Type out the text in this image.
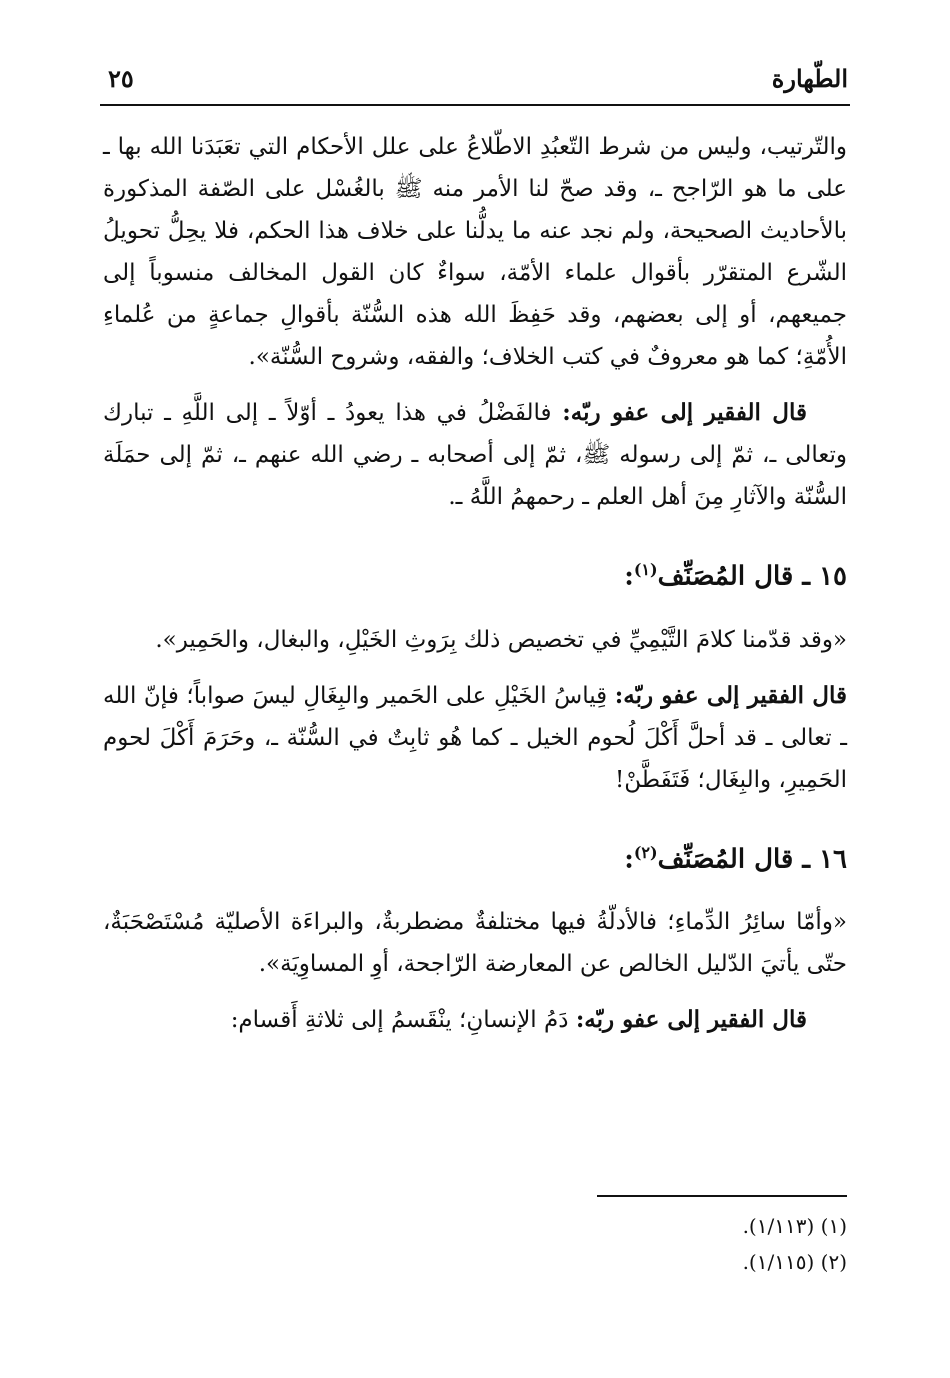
٢٥	الطّهارة

والتّرتيب، وليس من شرط التّعبُدِ الاطّلاعُ على علل الأحكام التي تعَبَدَنا الله بها ـ على ما هو الرّاجح ـ، وقد صحّ لنا الأمر منه ﷺ بالغُسْل على الصّفة المذكورة بالأحاديث الصحيحة، ولم نجد عنه ما يدلُّنا على خلاف هذا الحكم، فلا يحِلُّ تحويلُ الشّرع المتقرّر بأقوال علماء الأمّة، سواءٌ كان القول المخالف منسوباً إلى جميعهم، أو إلى بعضهم، وقد حَفِظَ الله هذه السُّنّة بأقوالِ جماعةٍ من عُلماءِ الأُمّةِ؛ كما هو معروفٌ في كتب الخلاف؛ والفقه، وشروح السُّنّة».

قال الفقير إلى عفو ربّه: فالفَضْلُ في هذا يعودُ ـ أوّلاً ـ إلى اللَّهِ ـ تبارك وتعالى ـ، ثمّ إلى رسوله ﷺ، ثمّ إلى أصحابه ـ رضي الله عنهم ـ، ثمّ إلى حمَلَة السُّنّة والآثارِ مِنَ أهل العلم ـ رحمهمُ اللَّهُ ـ.

١٥ ـ قال المُصَنِّف$^{(١)}$:

«وقد قدّمنا كلامَ التَّيْمِيِّ في تخصيص ذلك بِرَوثِ الخَيْلِ، والبغال، والحَمِير».

قال الفقير إلى عفو ربّه: قِياسُ الخَيْلِ على الحَمير والبِغَالِ ليسَ صواباً؛ فإنّ الله ـ تعالى ـ قد أحلَّ أَكْلَ لُحوم الخيل ـ كما هُو ثابِتٌ في السُّنّة ـ، وحَرَمَ أَكْلَ لحوم الحَمِيرِ، والبِغَال؛ فَتَفَطَّنْ!

١٦ ـ قال المُصَنِّف$^{(٢)}$:

«وأمّا سائِرُ الدِّماءِ؛ فالأدلّةُ فيها مختلفةٌ مضطربةٌ، والبراءَة الأصليّة مُسْتَصْحَبَةٌ، حتّى يأتيَ الدّليل الخالص عن المعارضة الرّاجحة، أوِ المساوِيَة».

قال الفقير إلى عفو ربّه: دَمُ الإنسانِ؛ ينْقَسمُ إلى ثلاثةِ أَقسام:

(١) (١/١١٣).
(٢) (١/١١٥).
